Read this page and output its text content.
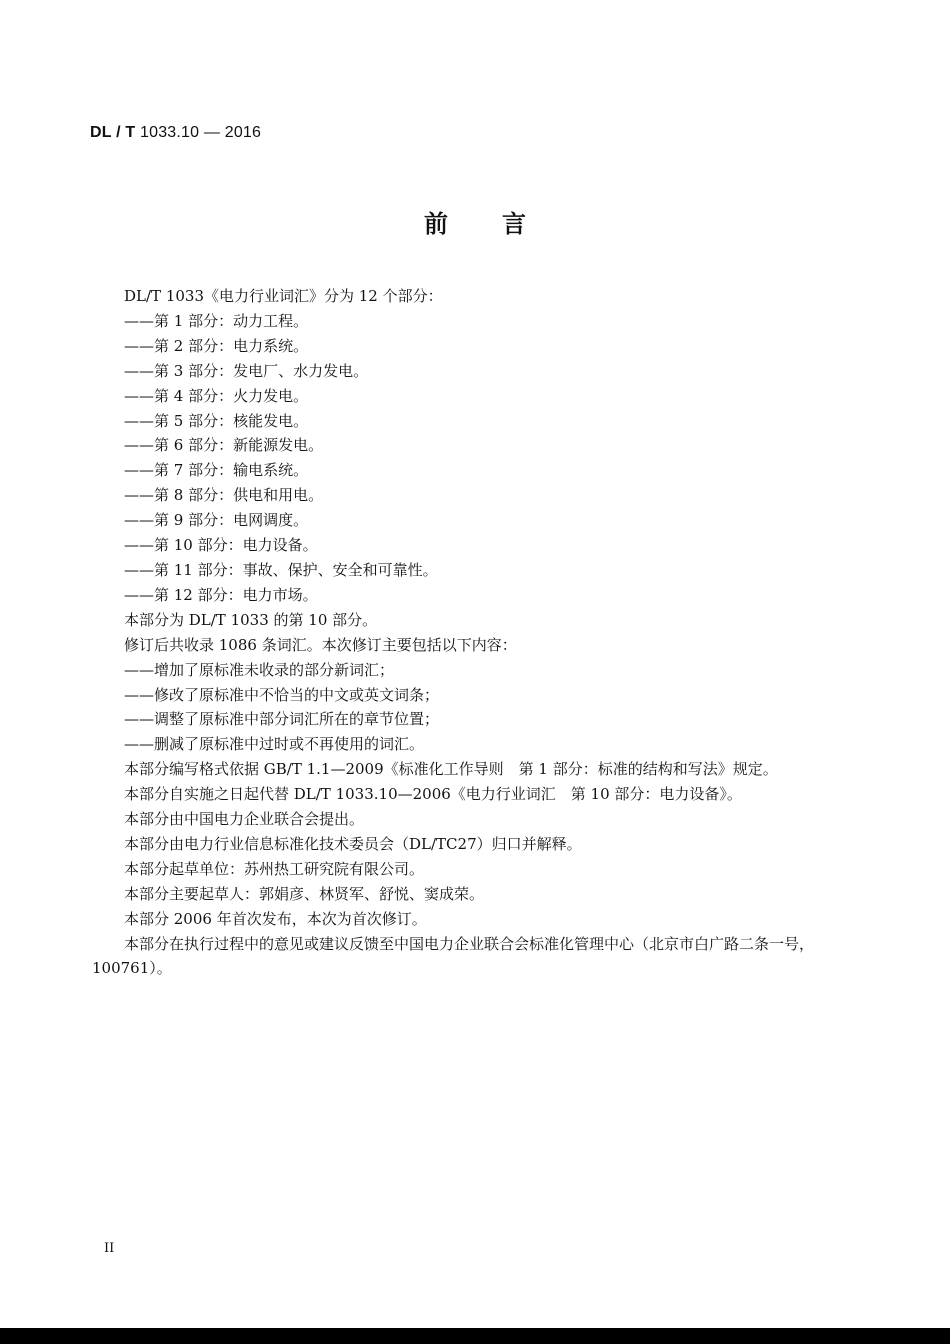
DL / T 1033.10 — 2016
前 言

DL/T 1033《电力行业词汇》分为 12 个部分：

——第 1 部分：动力工程。

——第 2 部分：电力系统。

——第 3 部分：发电厂、水力发电。

——第 4 部分：火力发电。

——第 5 部分：核能发电。

——第 6 部分：新能源发电。

——第 7 部分：输电系统。

——第 8 部分：供电和用电。

——第 9 部分：电网调度。

——第 10 部分：电力设备。

——第 11 部分：事故、保护、安全和可靠性。

——第 12 部分：电力市场。

本部分为 DL/T 1033 的第 10 部分。

修订后共收录 1086 条词汇。本次修订主要包括以下内容：

——增加了原标准未收录的部分新词汇；

——修改了原标准中不恰当的中文或英文词条；

——调整了原标准中部分词汇所在的章节位置；

——删减了原标准中过时或不再使用的词汇。

本部分编写格式依据 GB/T 1.1—2009《标准化工作导则　第 1 部分：标准的结构和写法》规定。

本部分自实施之日起代替 DL/T 1033.10—2006《电力行业词汇　第 10 部分：电力设备》。

本部分由中国电力企业联合会提出。

本部分由电力行业信息标准化技术委员会（DL/TC27）归口并解释。

本部分起草单位：苏州热工研究院有限公司。

本部分主要起草人：郭娟彦、林贤军、舒悦、窦成荣。

本部分 2006 年首次发布，本次为首次修订。

本部分在执行过程中的意见或建议反馈至中国电力企业联合会标准化管理中心（北京市白广路二条一号，100761）。

II
